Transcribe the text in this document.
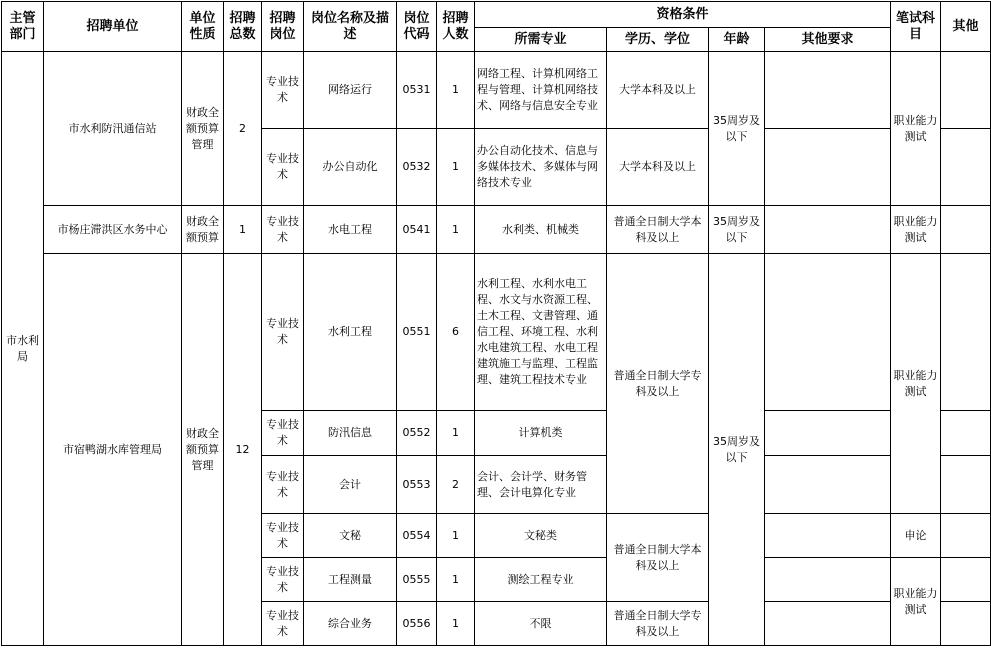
主管部门	招聘单位	单位性质	招聘总数	招聘岗位	岗位名称及描述	岗位代码	招聘人数	资格条件				笔试科目	其他
								所需专业	学历、学位	年龄	其他要求		
市水利局	市水利防汛通信站	财政全额预算管理	2	专业技术	网络运行	0531	1	网络工程、计算机网络工程与管理、计算机网络技术、网络与信息安全专业	大学本科及以上	35周岁及以下		职业能力测试	
				专业技术	办公自动化	0532	1	办公自动化技术、信息与多媒体技术、多媒体与网络技术专业	大学本科及以上				
	市杨庄滞洪区水务中心	财政全额预算	1	专业技术	水电工程	0541	1	水利类、机械类	普通全日制大学本科及以上	35周岁及以下		职业能力测试	
	市宿鸭湖水库管理局	财政全额预算管理	12	专业技术	水利工程	0551	6	水利工程、水利水电工程、水文与水资源工程、土木工程、文書管理、通信工程、环境工程、水利水电建筑工程、水电工程建筑施工与监理、工程监理、建筑工程技术专业	普通全日制大学专科及以上	35周岁及以下		职业能力测试	
				专业技术	防汛信息	0552	1	计算机类					
				专业技术	会计	0553	2	会计、会计学、财务管理、会计电算化专业					
				专业技术	文秘	0554	1	文秘类	普通全日制大学本科及以上			申论	
				专业技术	工程测量	0555	1	测绘工程专业				职业能力测试	
				专业技术	综合业务	0556	1	不限	普通全日制大学专科及以上				
